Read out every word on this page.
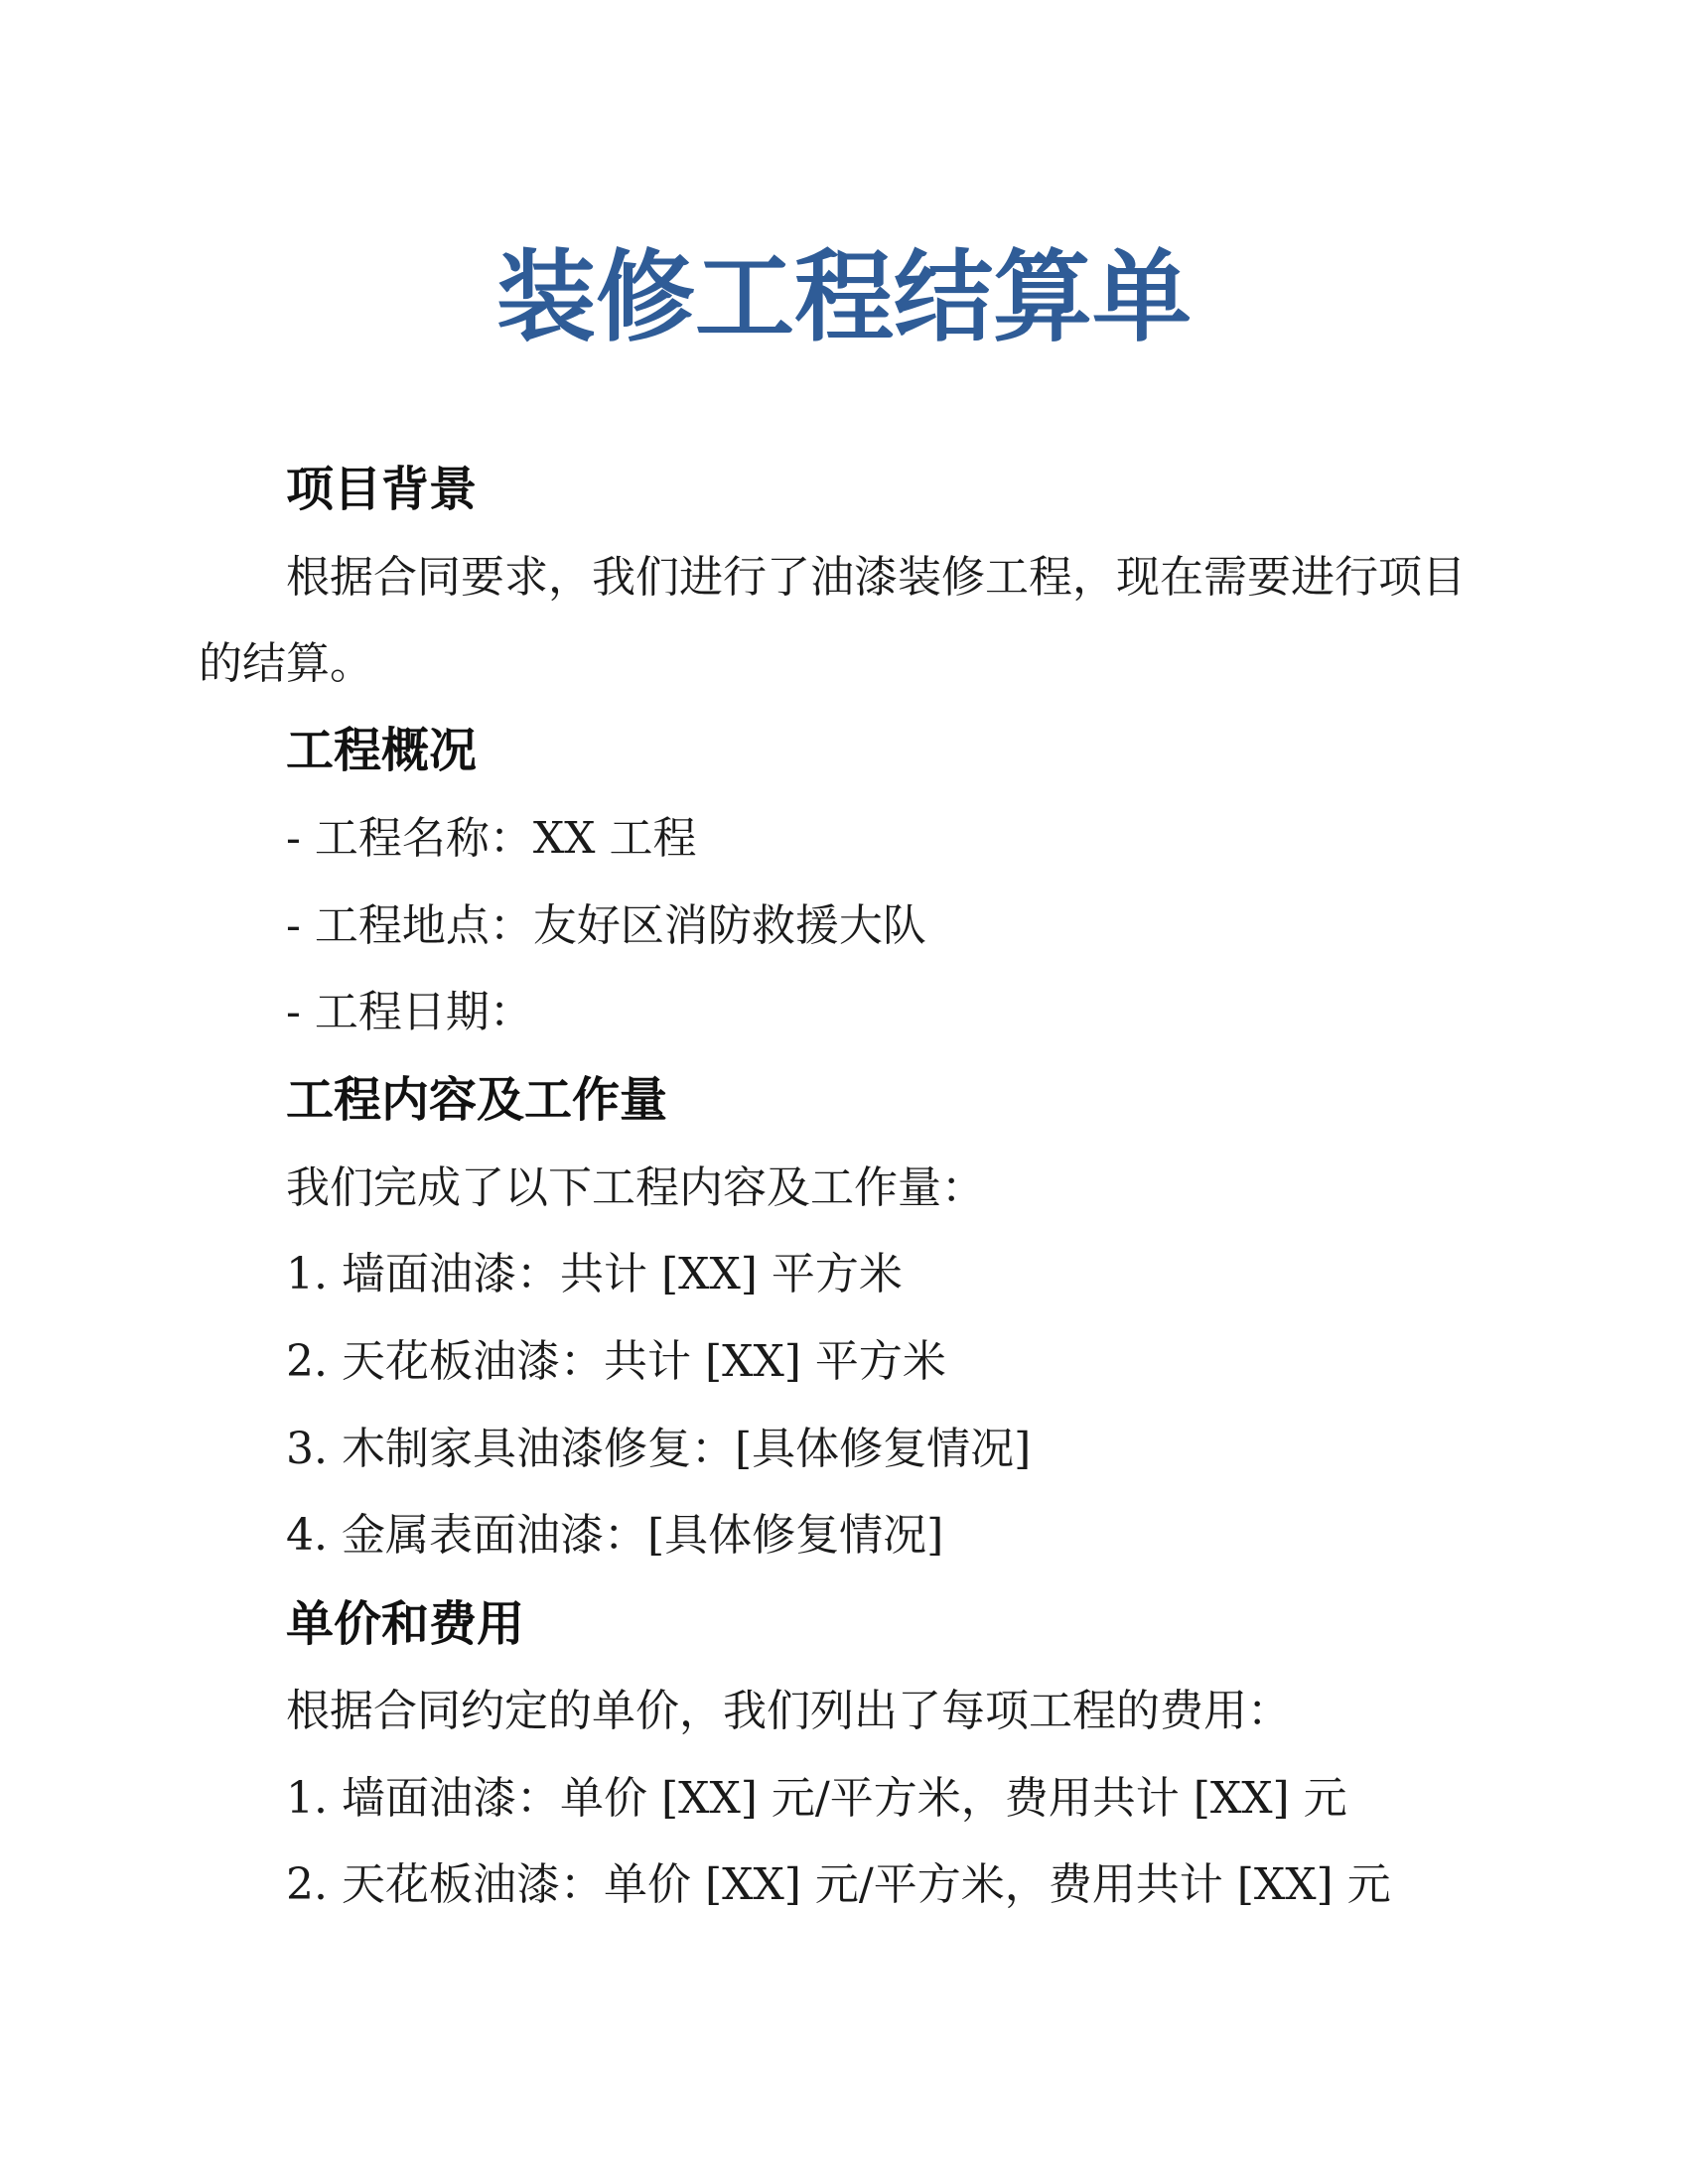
装修工程结算单
项目背景
根据合同要求，我们进行了油漆装修工程，现在需要进行项目
的结算。
工程概况
- 工程名称：XX 工程
- 工程地点：友好区消防救援大队
- 工程日期：
工程内容及工作量
我们完成了以下工程内容及工作量：
1. 墙面油漆：共计 [XX] 平方米
2. 天花板油漆：共计 [XX] 平方米
3. 木制家具油漆修复：[具体修复情况]
4. 金属表面油漆：[具体修复情况]
单价和费用
根据合同约定的单价，我们列出了每项工程的费用：
1. 墙面油漆：单价 [XX] 元/平方米，费用共计 [XX] 元
2. 天花板油漆：单价 [XX] 元/平方米，费用共计 [XX] 元
